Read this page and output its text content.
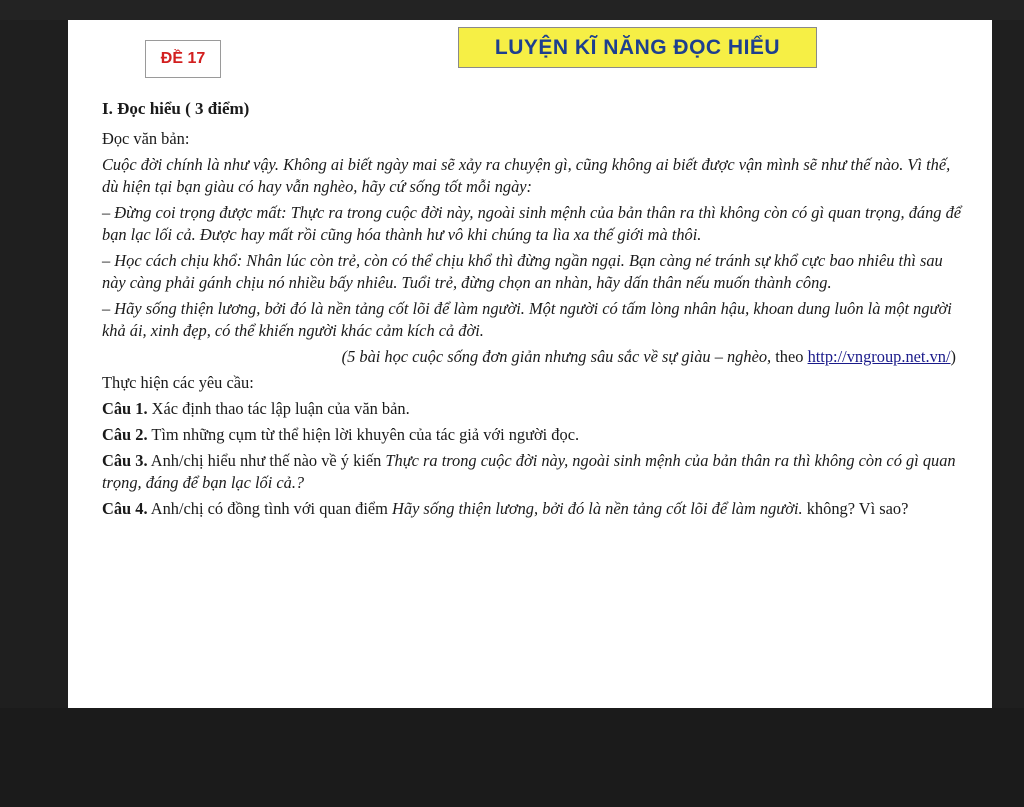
ĐỀ 17	LUYỆN KĨ NĂNG ĐỌC HIỂU

I. Đọc hiểu ( 3 điểm)

Đọc văn bản:

Cuộc đời chính là như vậy. Không ai biết ngày mai sẽ xảy ra chuyện gì, cũng không ai biết được vận mình sẽ như thế nào. Vì thế, dù hiện tại bạn giàu có hay vẫn nghèo, hãy cứ sống tốt mỗi ngày:

– Đừng coi trọng được mất: Thực ra trong cuộc đời này, ngoài sinh mệnh của bản thân ra thì không còn có gì quan trọng, đáng để bạn lạc lối cả. Được hay mất rồi cũng hóa thành hư vô khi chúng ta lìa xa thế giới mà thôi.

– Học cách chịu khổ: Nhân lúc còn trẻ, còn có thể chịu khổ thì đừng ngần ngại. Bạn càng né tránh sự khổ cực bao nhiêu thì sau này càng phải gánh chịu nó nhiều bấy nhiêu. Tuổi trẻ, đừng chọn an nhàn, hãy dấn thân nếu muốn thành công.

– Hãy sống thiện lương, bởi đó là nền tảng cốt lõi để làm người. Một người có tấm lòng nhân hậu, khoan dung luôn là một người khả ái, xinh đẹp, có thể khiến người khác cảm kích cả đời.

(5 bài học cuộc sống đơn giản nhưng sâu sắc về sự giàu – nghèo, theo http://vngroup.net.vn/)

Thực hiện các yêu cầu:

Câu 1. Xác định thao tác lập luận của văn bản.

Câu 2. Tìm những cụm từ thể hiện lời khuyên của tác giả với người đọc.

Câu 3. Anh/chị hiểu như thế nào về ý kiến Thực ra trong cuộc đời này, ngoài sinh mệnh của bản thân ra thì không còn có gì quan trọng, đáng để bạn lạc lối cả.?

Câu 4. Anh/chị có đồng tình với quan điểm Hãy sống thiện lương, bởi đó là nền tảng cốt lõi để làm người. không? Vì sao?
